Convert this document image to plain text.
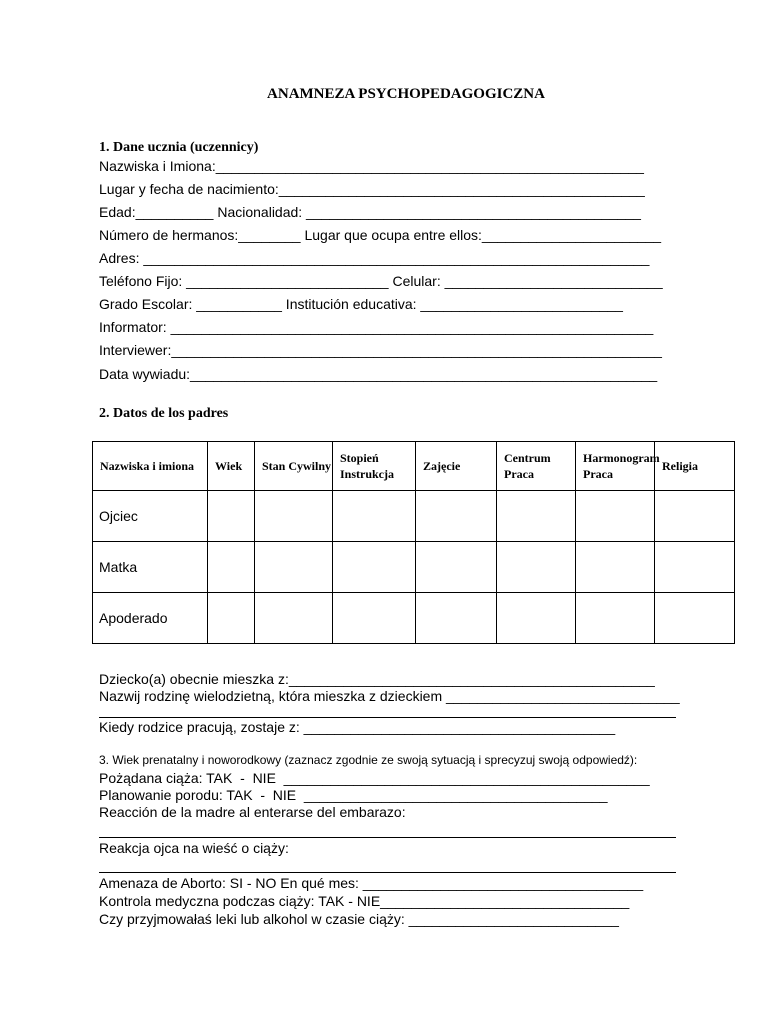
ANAMNEZA PSYCHOPEDAGOGICZNA
1. Dane ucznia (uczennicy)
Nazwiska i Imiona:_______________________________________________________
Lugar y fecha de nacimiento:_______________________________________________
Edad:__________ Nacionalidad: ___________________________________________
Número de hermanos:________ Lugar que ocupa entre ellos:_______________________
Adres: _________________________________________________________________
Teléfono Fijo: __________________________ Celular: ____________________________
Grado Escolar: ___________ Institución educativa: __________________________
Informator: ______________________________________________________________
Interviewer:_______________________________________________________________
Data wywiadu:____________________________________________________________
2. Datos de los padres
Nazwiska i imiona	Wiek	Stan Cywilny	Stopień Instrukcja	Zajęcie	Centrum Praca	Harmonogram Praca	Religia
Ojciec							
Matka							
Apoderado							
Dziecko(a) obecnie mieszka z:_______________________________________________
Nazwij rodzinę wielodzietną, która mieszka z dzieckiem ______________________________
Kiedy rodzice pracują, zostaje z: ________________________________________
3. Wiek prenatalny i noworodkowy (zaznacz zgodnie ze swoją sytuacją i sprecyzuj swoją odpowiedź):
Pożądana ciąża: TAK  -  NIE  _______________________________________________
Planowanie porodu: TAK  -  NIE  _______________________________________
Reacción de la madre al enterarse del embarazo:
Reakcja ojca na wieść o ciąży:
Amenaza de Aborto: SI - NO En qué mes: ____________________________________
Kontrola medyczna podczas ciąży: TAK - NIE________________________________
Czy przyjmowałaś leki lub alkohol w czasie ciąży: ___________________________
